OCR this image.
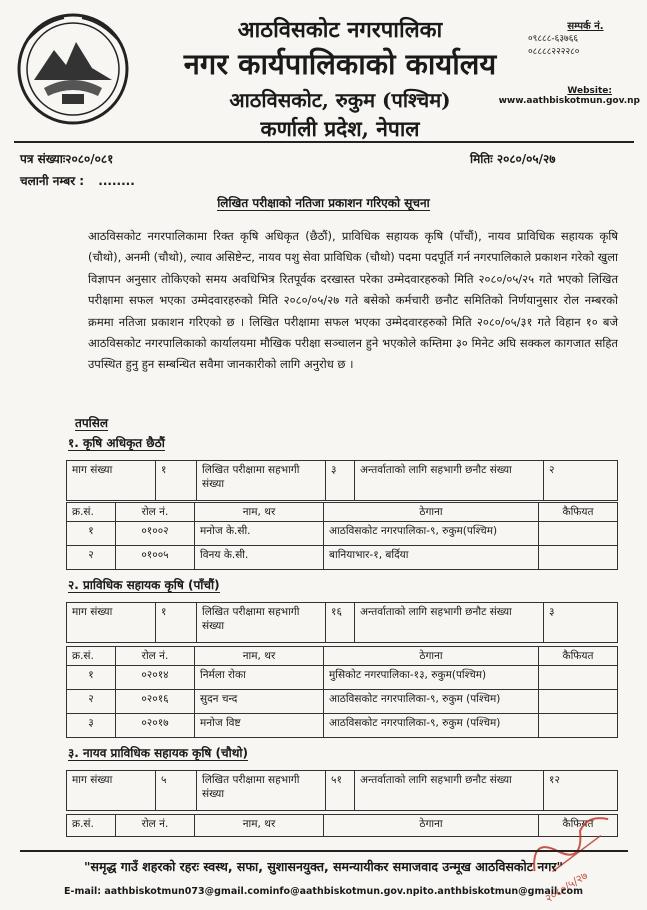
आठविसकोट नगरपालिका
नगर कार्यपालिकाको कार्यालय
आठविसकोट, रुकुम (पश्चिम)
कर्णाली प्रदेश, नेपाल
सम्पर्क नं.
०९८८८-६३७६६
०८८८८२२२२८०
Website:
www.aathbiskotmun.gov.np
पत्र संख्याः२०८०/०८१	मितिः २०८०/०५/२७
चलानी नम्बर : ........
लिखित परीक्षाको नतिजा प्रकाशन गरिएको सूचना
आठविसकोट नगरपालिकामा रिक्त कृषि अधिकृत (छैठौं), प्राविधिक सहायक कृषि (पाँचौं), नायव प्राविधिक सहायक कृषि (चौथो), अनमी (चौथो), ल्याव असिष्टेन्ट, नायव पशु सेवा प्राविधिक (चौथो) पदमा पदपूर्ति गर्न नगरपालिकाले प्रकाशन गरेको खुला विज्ञापन अनुसार तोकिएको समय अवधिभित्र रितपूर्वक दरखास्त परेका उम्मेदवारहरुको मिति २०८०/०५/२५ गते भएको लिखित परीक्षामा सफल भएका उम्मेदवारहरुको मिति २०८०/०५/२७ गते बसेको कर्मचारी छनौट समितिको निर्णयानुसार रोल नम्बरको क्रममा नतिजा प्रकाशन गरिएको छ । लिखित परीक्षामा सफल भएका उम्मेदवारहरुको मिति २०८०/०५/३१ गते विहान १० बजे आठविसकोट नगरपालिकाको कार्यालयमा मौखिक परीक्षा सञ्चालन हुने भएकोले कम्तिमा ३० मिनेट अघि सक्कल कागजात सहित उपस्थित हुनु हुन सम्बन्धित सवैमा जानकारीको लागि अनुरोध छ ।
तपसिल
१. कृषि अधिकृत छैठौं
माग संख्या	१	लिखित परीक्षामा सहभागी संख्या	३	अन्तर्वाताको लागि सहभागी छनौट संख्या	२
क्र.सं.	रोल नं.	नाम, थर	ठेगाना	कैफियत
१	०१००२	मनोज के.सी.	आठविसकोट नगरपालिका-९, रुकुम(पश्चिम)	
२	०१००५	विनय के.सी.	बानियाभार-१, बर्दिया	
२. प्राविधिक सहायक कृषि (पाँचौं)
माग संख्या	१	लिखित परीक्षामा सहभागी संख्या	१६	अन्तर्वाताको लागि सहभागी छनौट संख्या	३
क्र.सं.	रोल नं.	नाम, थर	ठेगाना	कैफियत
१	०२०१४	निर्मला रोका	मुसिकोट नगरपालिका-१३, रुकुम(पश्चिम)	
२	०२०१६	सुदन चन्द	आठविसकोट नगरपालिका-९, रुकुम (पश्चिम)	
३	०२०१७	मनोज विष्ट	आठविसकोट नगरपालिका-९, रुकुम (पश्चिम)	
३. नायव प्राविधिक सहायक कृषि (चौथो)
माग संख्या	५	लिखित परीक्षामा सहभागी संख्या	५१	अन्तर्वाताको लागि सहभागी छनौट संख्या	१२
क्र.सं.	रोल नं.	नाम, थर	ठेगाना	कैफियत
२०८०/५/२७
"समृद्ध गाउँ शहरको रहरः स्वस्थ, सफा, सुशासनयुक्त, समन्यायीकर समाजवाद उन्मूख आठविसकोट नगर"
E-mail: aathbiskotmun073@gmail.cominfo@aathbiskotmun.gov.npito.anthbiskotmun@gmail.com
